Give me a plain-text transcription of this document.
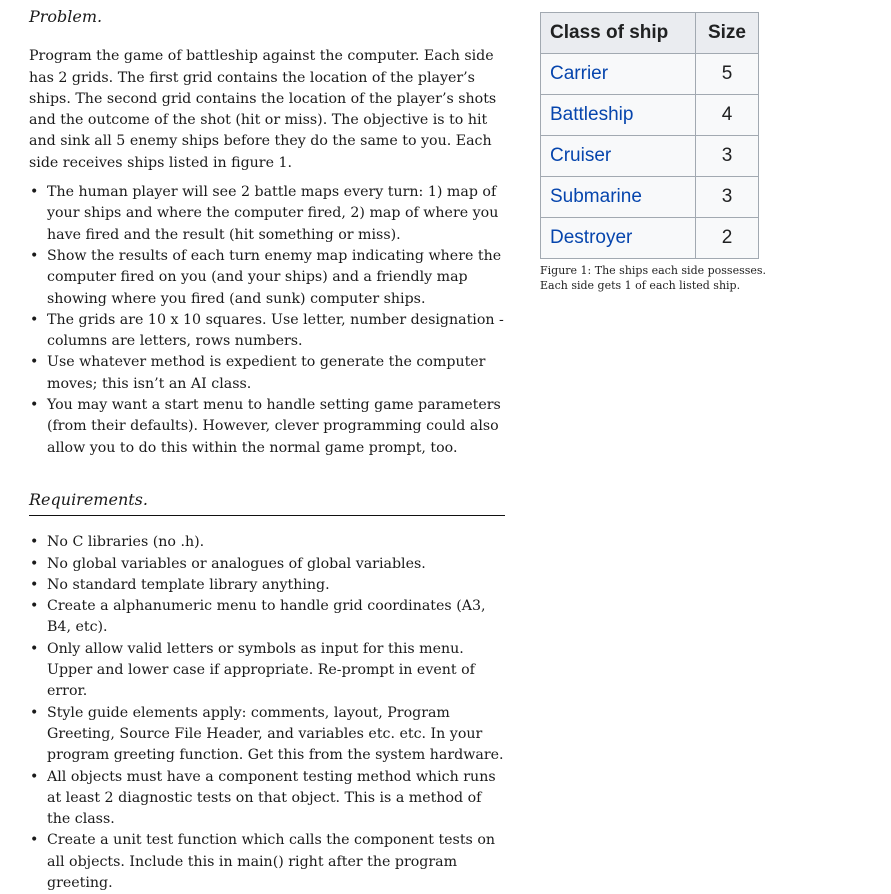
Problem.

Program the game of battleship against the computer. Each side has 2 grids. The first grid contains the location of the player’s ships. The second grid contains the location of the player’s shots and the outcome of the shot (hit or miss). The objective is to hit and sink all 5 enemy ships before they do the same to you. Each side receives ships listed in figure 1.

• The human player will see 2 battle maps every turn: 1) map of your ships and where the computer fired, 2) map of where you have fired and the result (hit something or miss).
• Show the results of each turn enemy map indicating where the computer fired on you (and your ships) and a friendly map showing where you fired (and sunk) computer ships.
• The grids are 10 x 10 squares. Use letter, number designation - columns are letters, rows numbers.
• Use whatever method is expedient to generate the computer moves; this isn’t an AI class.
• You may want a start menu to handle setting game parameters (from their defaults). However, clever programming could also allow you to do this within the normal game prompt, too.
Requirements.
• No C libraries (no .h).
• No global variables or analogues of global variables.
• No standard template library anything.
• Create a alphanumeric menu to handle grid coordinates (A3, B4, etc).
• Only allow valid letters or symbols as input for this menu. Upper and lower case if appropriate. Re-prompt in event of error.
• Style guide elements apply: comments, layout, Program Greeting, Source File Header, and variables etc. etc. In your program greeting function. Get this from the system hardware.
• All objects must have a component testing method which runs at least 2 diagnostic tests on that object. This is a method of the class.
• Create a unit test function which calls the component tests on all objects. Include this in main() right after the program greeting.
Class of ship	Size
Carrier	5
Battleship	4
Cruiser	3
Submarine	3
Destroyer	2
Figure 1: The ships each side possesses. Each side gets 1 of each listed ship.
